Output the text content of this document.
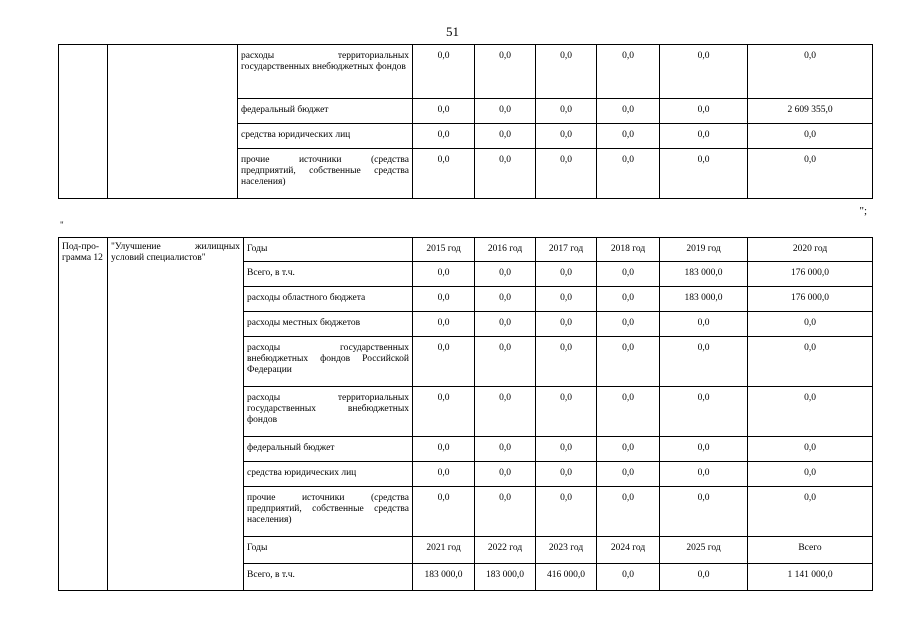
51
		расходы территориальных государственных внебюджетных фондов	0,0	0,0	0,0	0,0	0,0	0,0
		федеральный бюджет	0,0	0,0	0,0	0,0	0,0	2 609 355,0
		средства юридических лиц	0,0	0,0	0,0	0,0	0,0	0,0
		прочие источники (средства предприятий, собственные средства населения)	0,0	0,0	0,0	0,0	0,0	0,0
";
"
Под-про-грамма 12	"Улучшение жилищных условий специалистов"	Годы	2015 год	2016 год	2017 год	2018 год	2019 год	2020 год
		Всего, в т.ч.	0,0	0,0	0,0	0,0	183 000,0	176 000,0
		расходы областного бюджета	0,0	0,0	0,0	0,0	183 000,0	176 000,0
		расходы местных бюджетов	0,0	0,0	0,0	0,0	0,0	0,0
		расходы государственных внебюджетных фондов Российской Федерации	0,0	0,0	0,0	0,0	0,0	0,0
		расходы территориальных государственных внебюджетных фондов	0,0	0,0	0,0	0,0	0,0	0,0
		федеральный бюджет	0,0	0,0	0,0	0,0	0,0	0,0
		средства юридических лиц	0,0	0,0	0,0	0,0	0,0	0,0
		прочие источники (средства предприятий, собственные средства населения)	0,0	0,0	0,0	0,0	0,0	0,0
		Годы	2021 год	2022 год	2023 год	2024 год	2025 год	Всего
		Всего, в т.ч.	183 000,0	183 000,0	416 000,0	0,0	0,0	1 141 000,0
